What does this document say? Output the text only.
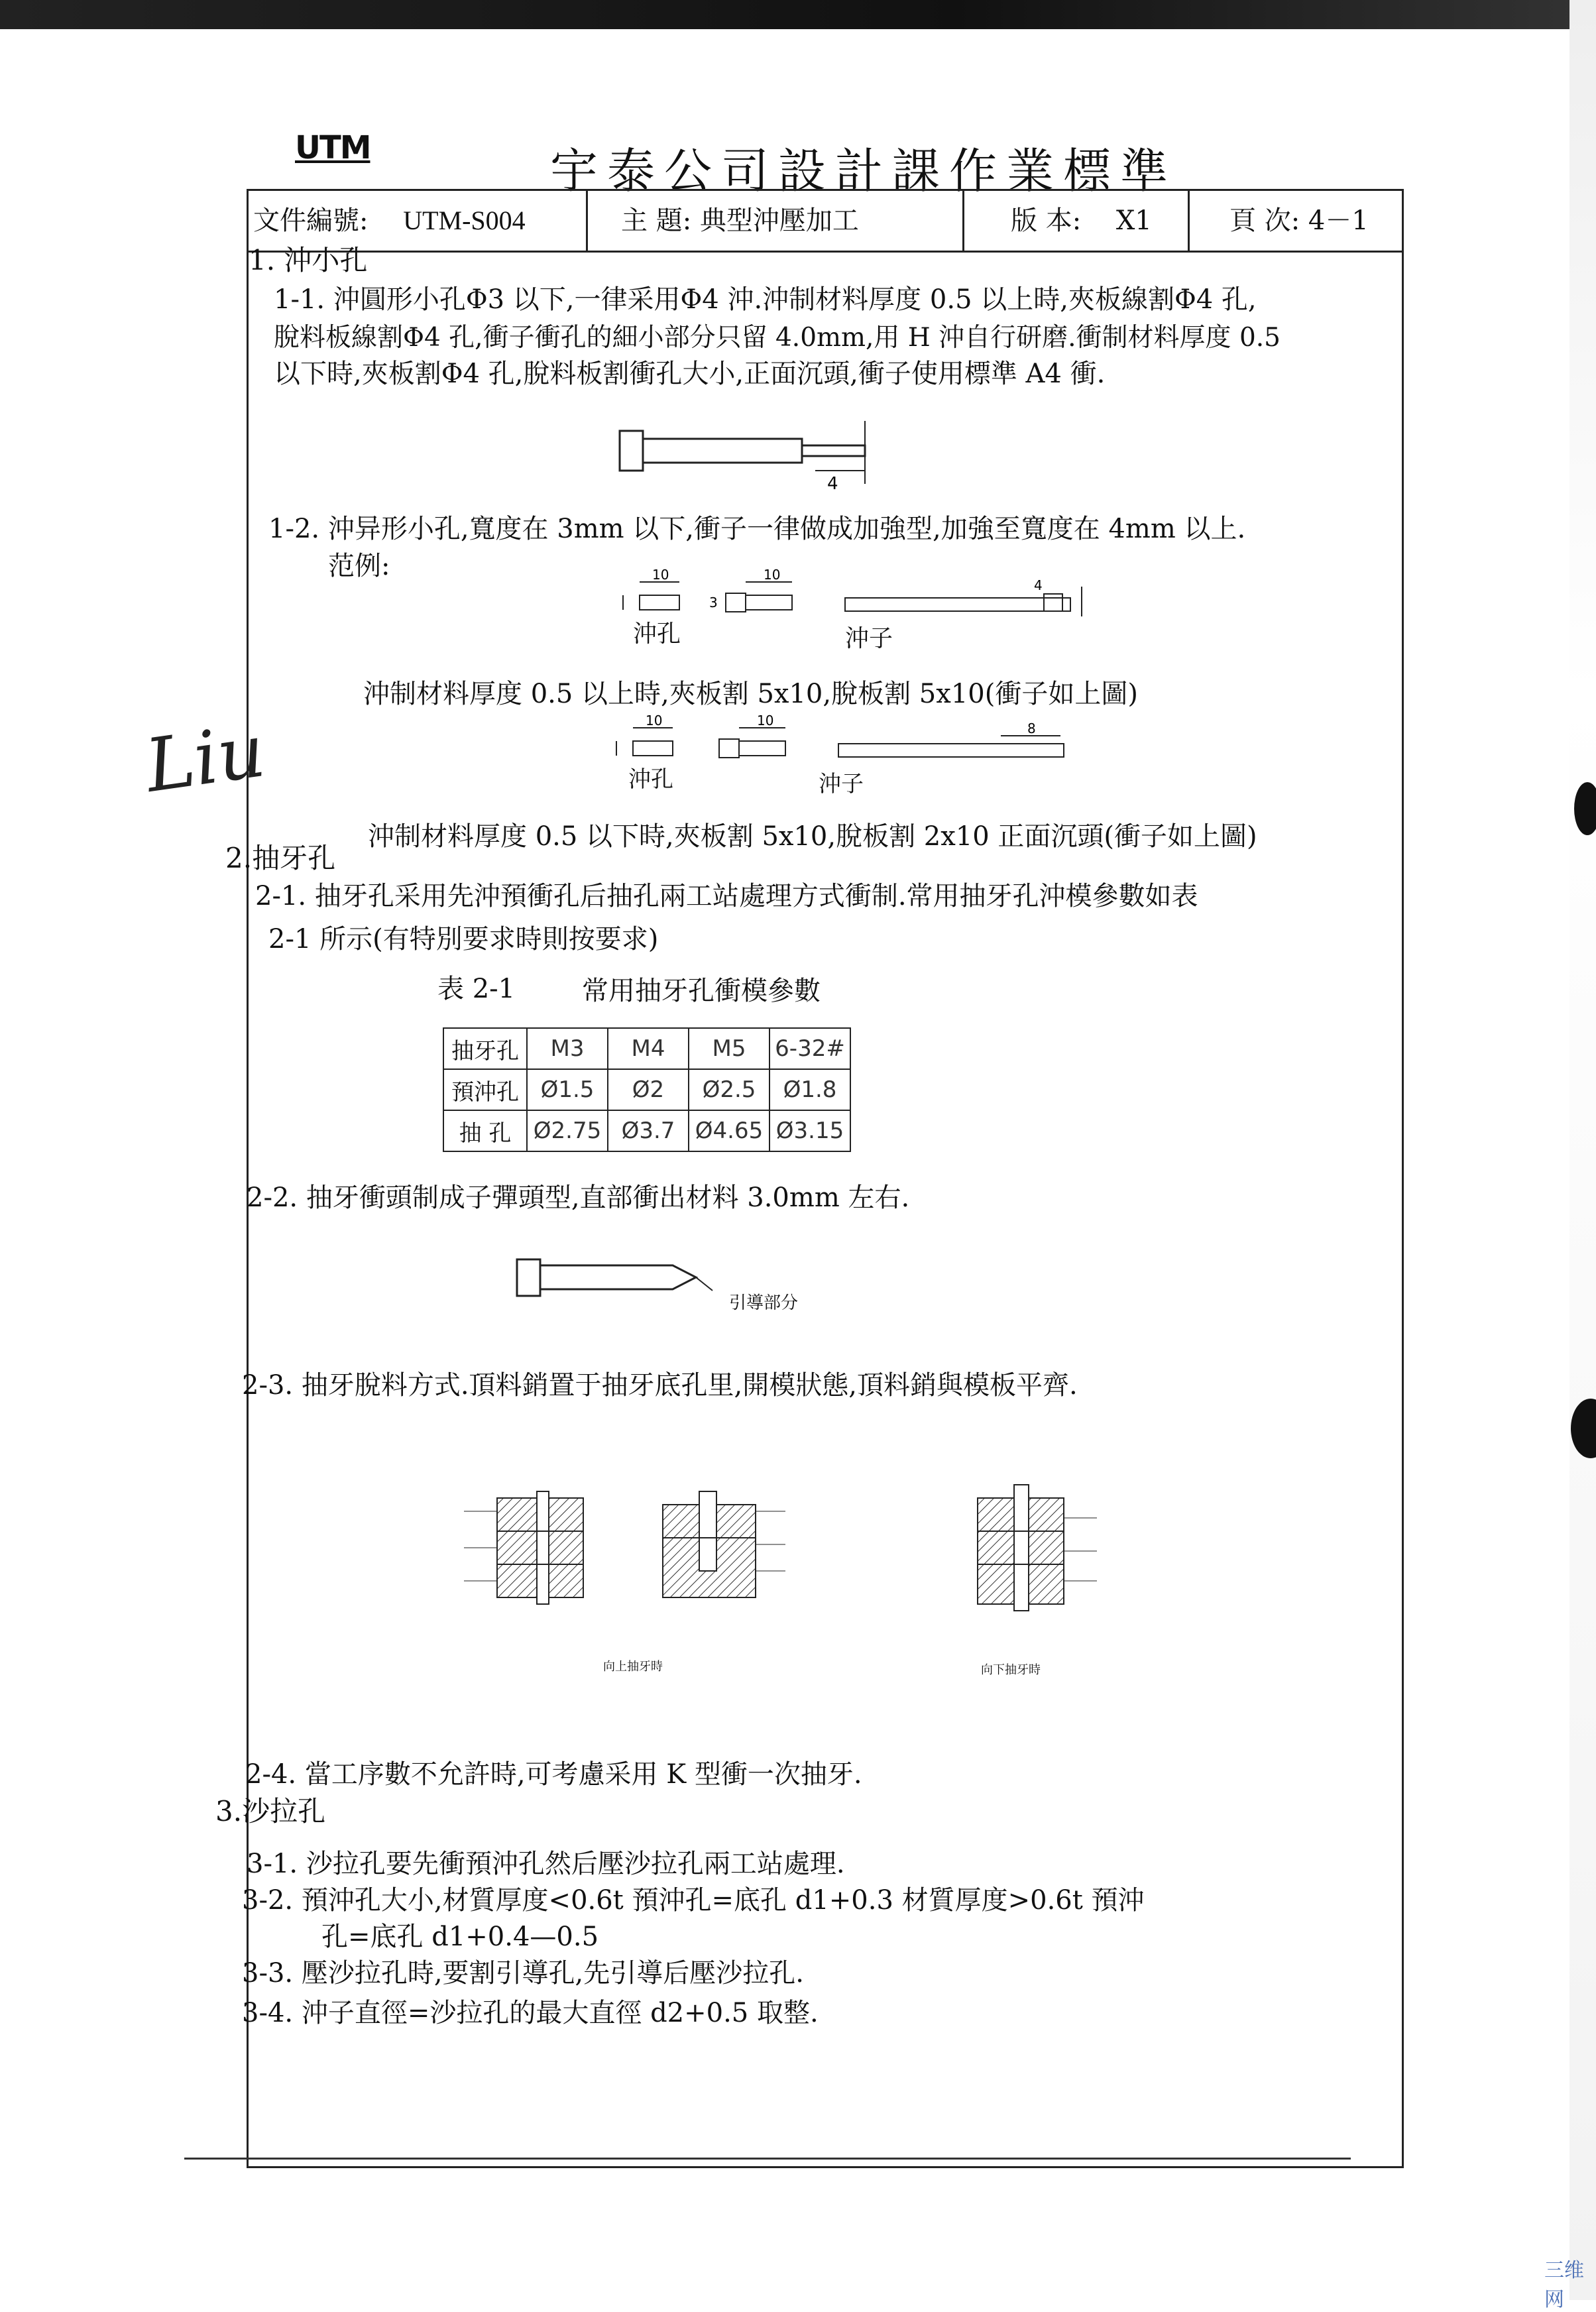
UTM	宇泰公司設計課作業標準
文件編號: UTM-S004	主 題: 典型沖壓加工	版 本: X1	頁 次: 4－1
1. 沖小孔
1-1. 沖圓形小孔Φ3 以下,一律采用Φ4 沖.沖制材料厚度 0.5 以上時,夾板線割Φ4 孔,
脫料板線割Φ4 孔,衝子衝孔的細小部分只留 4.0mm,用 H 沖自行研磨.衝制材料厚度 0.5
以下時,夾板割Φ4 孔,脫料板割衝孔大小,正面沉頭,衝子使用標準 A4 衝.
4
1-2. 沖异形小孔,寬度在 3mm 以下,衝子一律做成加強型,加強至寬度在 4mm 以上.
范例:	10	10
3
4
沖孔	沖子
沖制材料厚度 0.5 以上時,夾板割 5x10,脫板割 5x10(衝子如上圖)
10	10	8
沖孔	沖子
Liu
沖制材料厚度 0.5 以下時,夾板割 5x10,脫板割 2x10 正面沉頭(衝子如上圖)
2.抽牙孔
2-1. 抽牙孔采用先沖預衝孔后抽孔兩工站處理方式衝制.常用抽牙孔沖模參數如表
2-1 所示(有特別要求時則按要求)
表 2-1	常用抽牙孔衝模參數
抽牙孔	M3	M4	M5	6-32#
預沖孔	Ø1.5	Ø2	Ø2.5	Ø1.8
抽 孔	Ø2.75	Ø3.7	Ø4.65	Ø3.15
2-2. 抽牙衝頭制成子彈頭型,直部衝出材料 3.0mm 左右.
引導部分
2-3. 抽牙脫料方式.頂料銷置于抽牙底孔里,開模狀態,頂料銷與模板平齊.
向上抽牙時	向下抽牙時
2-4. 當工序數不允許時,可考慮采用 K 型衝一次抽牙.
3.沙拉孔
3-1. 沙拉孔要先衝預沖孔然后壓沙拉孔兩工站處理.
3-2. 預沖孔大小,材質厚度<0.6t 預沖孔=底孔 d1+0.3 材質厚度>0.6t 預沖
孔=底孔 d1+0.4—0.5
3-3. 壓沙拉孔時,要割引導孔,先引導后壓沙拉孔.
3-4. 沖子直徑=沙拉孔的最大直徑 d2+0.5 取整.
三维网
